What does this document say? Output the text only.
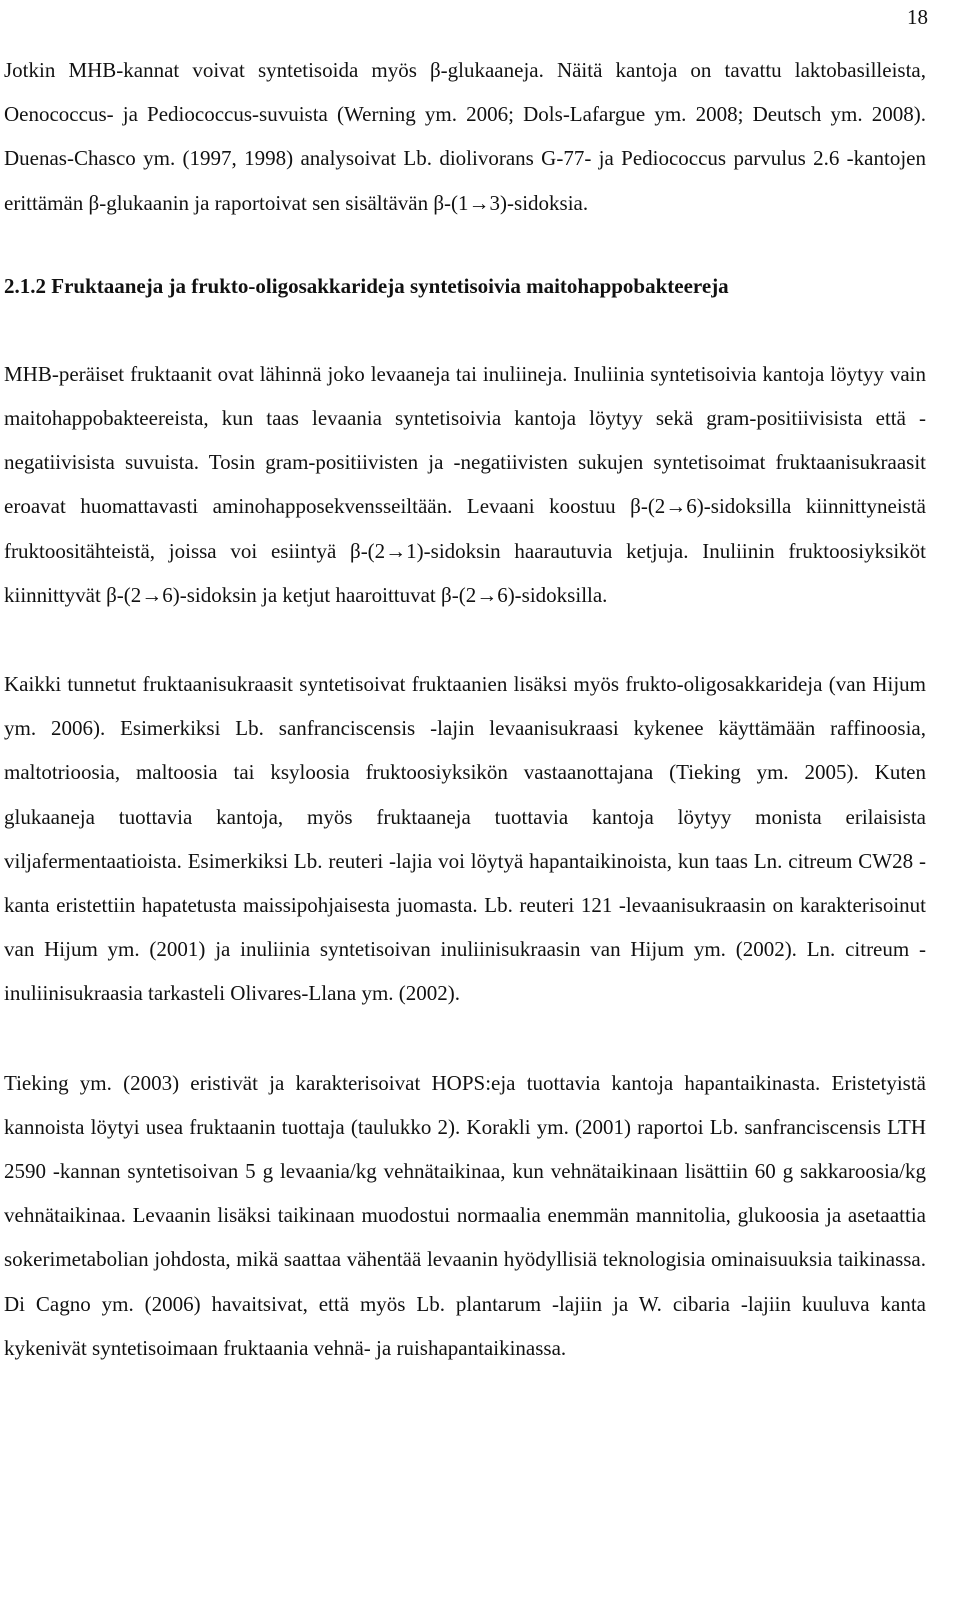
18

Jotkin MHB-kannat voivat syntetisoida myös β-glukaaneja. Näitä kantoja on tavattu laktobasilleista, Oenococcus- ja Pediococcus-suvuista (Werning ym. 2006; Dols-Lafargue ym. 2008; Deutsch ym. 2008). Duenas-Chasco ym. (1997, 1998) analysoivat Lb. diolivorans G-77- ja Pediococcus parvulus 2.6 -kantojen erittämän β-glukaanin ja raportoivat sen sisältävän β-(1→3)-sidoksia.

2.1.2 Fruktaaneja ja frukto-oligosakkarideja syntetisoivia maitohappobakteereja

MHB-peräiset fruktaanit ovat lähinnä joko levaaneja tai inuliineja. Inuliinia syntetisoivia kantoja löytyy vain maitohappobakteereista, kun taas levaania syntetisoivia kantoja löytyy sekä gram-positiivisista että -negatiivisista suvuista. Tosin gram-positiivisten ja -negatiivisten sukujen syntetisoimat fruktaanisukraasit eroavat huomattavasti aminohapposekvensseiltään. Levaani koostuu β-(2→6)-sidoksilla kiinnittyneistä fruktoositähteistä, joissa voi esiintyä β-(2→1)-sidoksin haarautuvia ketjuja. Inuliinin fruktoosiyksiköt kiinnittyvät β-(2→6)-sidoksin ja ketjut haaroittuvat β-(2→6)-sidoksilla.

Kaikki tunnetut fruktaanisukraasit syntetisoivat fruktaanien lisäksi myös frukto-oligosakkarideja (van Hijum ym. 2006). Esimerkiksi Lb. sanfranciscensis -lajin levaanisukraasi kykenee käyttämään raffinoosia, maltotrioosia, maltoosia tai ksyloosia fruktoosiyksikön vastaanottajana (Tieking ym. 2005). Kuten glukaaneja tuottavia kantoja, myös fruktaaneja tuottavia kantoja löytyy monista erilaisista viljafermentaatioista. Esimerkiksi Lb. reuteri -lajia voi löytyä hapantaikinoista, kun taas Ln. citreum CW28 -kanta eristettiin hapatetusta maissipohjaisesta juomasta. Lb. reuteri 121 -levaanisukraasin on karakterisoinut van Hijum ym. (2001) ja inuliinia syntetisoivan inuliinisukraasin van Hijum ym. (2002). Ln. citreum -inuliinisukraasia tarkasteli Olivares-Llana ym. (2002).

Tieking ym. (2003) eristivät ja karakterisoivat HOPS:eja tuottavia kantoja hapantaikinasta. Eristetyistä kannoista löytyi usea fruktaanin tuottaja (taulukko 2). Korakli ym. (2001) raportoi Lb. sanfranciscensis LTH 2590 -kannan syntetisoivan 5 g levaania/kg vehnätaikinaa, kun vehnätaikinaan lisättiin 60 g sakkaroosia/kg vehnätaikinaa. Levaanin lisäksi taikinaan muodostui normaalia enemmän mannitolia, glukoosia ja asetaattia sokerimetabolian johdosta, mikä saattaa vähentää levaanin hyödyllisiä teknologisia ominaisuuksia taikinassa. Di Cagno ym. (2006) havaitsivat, että myös Lb. plantarum -lajiin ja W. cibaria -lajiin kuuluva kanta kykenivät syntetisoimaan fruktaania vehnä- ja ruishapantaikinassa.
